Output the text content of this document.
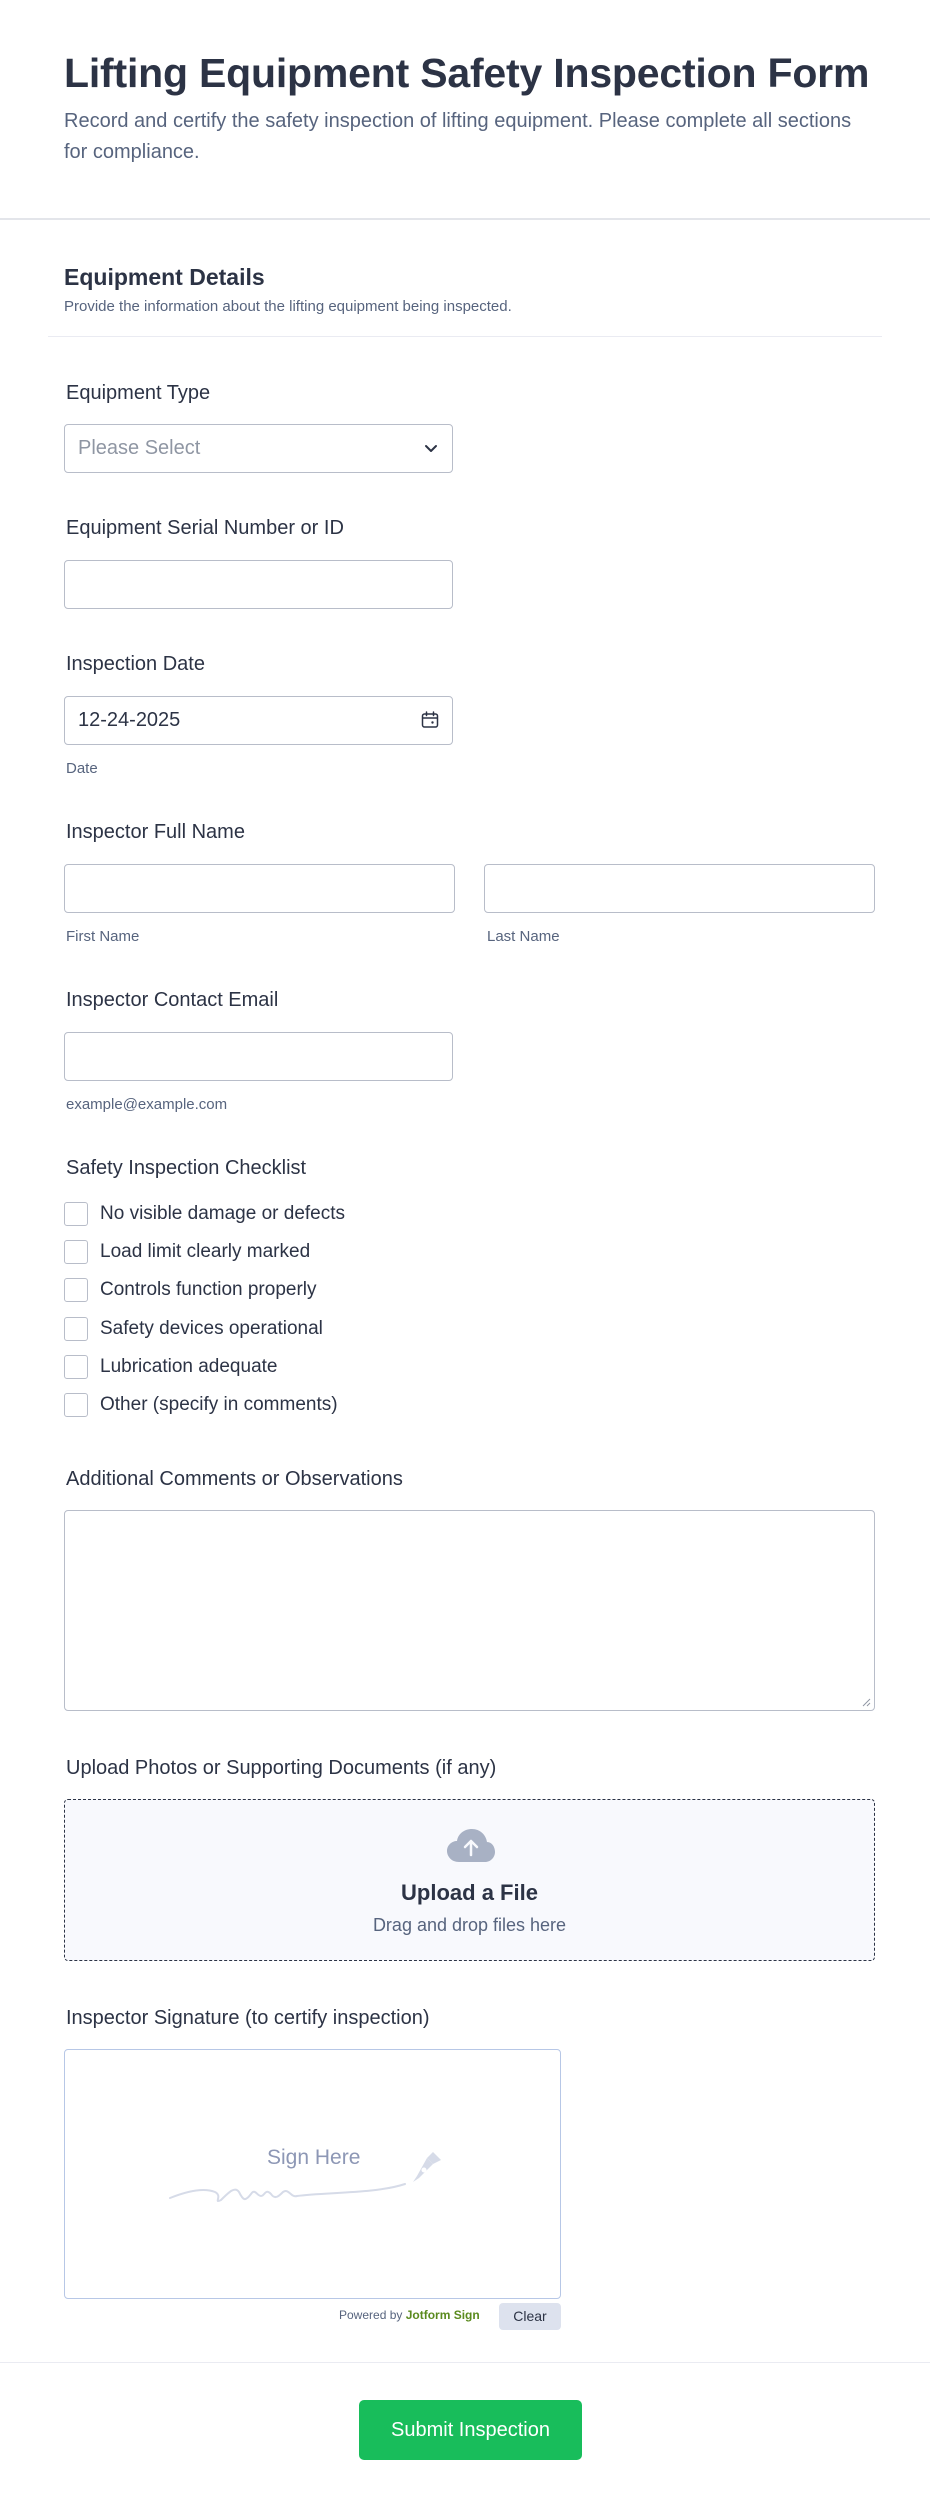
Lifting Equipment Safety Inspection Form
Record and certify the safety inspection of lifting equipment. Please complete all sections for compliance.
Equipment Details
Provide the information about the lifting equipment being inspected.
Equipment Type
Please Select
Equipment Serial Number or ID
Inspection Date
12-24-2025
Date
Inspector Full Name
First Name	Last Name
Inspector Contact Email
example@example.com
Safety Inspection Checklist
No visible damage or defects
Load limit clearly marked
Controls function properly
Safety devices operational
Lubrication adequate
Other (specify in comments)
Additional Comments or Observations
Upload Photos or Supporting Documents (if any)
Upload a File
Drag and drop files here
Inspector Signature (to certify inspection)
Sign Here
Powered by Jotform Sign	Clear
Submit Inspection
